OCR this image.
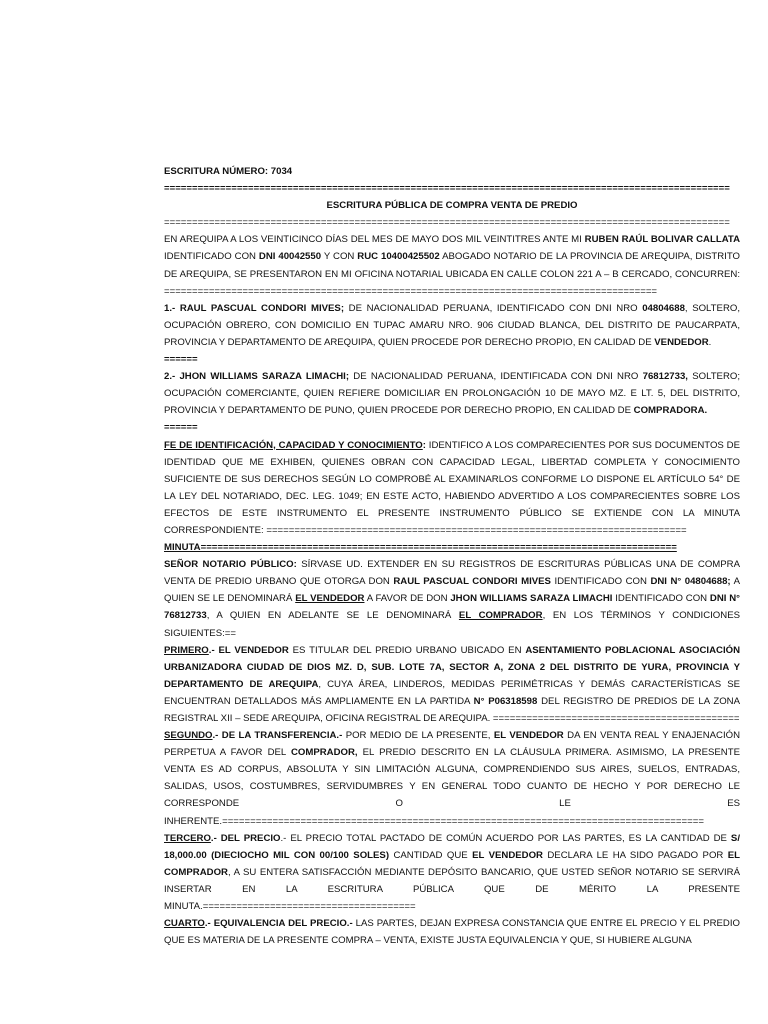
ESCRITURA NÚMERO: 7034

=====================================================================================================

ESCRITURA PÚBLICA DE COMPRA VENTA DE PREDIO

=====================================================================================================

EN AREQUIPA A LOS VEINTICINCO DÍAS DEL MES DE MAYO DOS MIL VEINTITRES ANTE MI RUBEN RAÚL BOLIVAR CALLATA IDENTIFICADO CON DNI 40042550 Y CON RUC 10400425502 ABOGADO NOTARIO DE LA PROVINCIA DE AREQUIPA, DISTRITO DE AREQUIPA, SE PRESENTARON EN MI OFICINA NOTARIAL UBICADA EN CALLE COLON 221 A – B CERCADO, CONCURREN: ========================================================================================

1.- RAUL PASCUAL CONDORI MIVES; DE NACIONALIDAD PERUANA, IDENTIFICADO CON DNI NRO 04804688, SOLTERO, OCUPACIÓN OBRERO, CON DOMICILIO EN TUPAC AMARU NRO. 906 CIUDAD BLANCA, DEL DISTRITO DE PAUCARPATA, PROVINCIA Y DEPARTAMENTO DE AREQUIPA, QUIEN PROCEDE POR DERECHO PROPIO, EN CALIDAD DE VENDEDOR.
======

2.- JHON WILLIAMS SARAZA LIMACHI; DE NACIONALIDAD PERUANA, IDENTIFICADA CON DNI NRO 76812733, SOLTERO; OCUPACIÓN COMERCIANTE, QUIEN REFIERE DOMICILIAR EN PROLONGACIÓN 10 DE MAYO MZ. E LT. 5, DEL DISTRITO, PROVINCIA Y DEPARTAMENTO DE PUNO, QUIEN PROCEDE POR DERECHO PROPIO, EN CALIDAD DE COMPRADORA.
======

FE DE IDENTIFICACIÓN, CAPACIDAD Y CONOCIMIENTO: IDENTIFICO A LOS COMPARECIENTES POR SUS DOCUMENTOS DE IDENTIDAD QUE ME EXHIBEN, QUIENES OBRAN CON CAPACIDAD LEGAL, LIBERTAD COMPLETA Y CONOCIMIENTO SUFICIENTE DE SUS DERECHOS SEGÚN LO COMPROBÉ AL EXAMINARLOS CONFORME LO DISPONE EL ARTÍCULO 54° DE LA LEY DEL NOTARIADO, DEC. LEG. 1049; EN ESTE ACTO, HABIENDO ADVERTIDO A LOS COMPARECIENTES SOBRE LOS EFECTOS DE ESTE INSTRUMENTO EL PRESENTE INSTRUMENTO PÚBLICO SE EXTIENDE CON LA MINUTA CORRESPONDIENTE: ===========================================================================

MINUTA=====================================================================================

SEÑOR NOTARIO PÚBLICO: SÍRVASE UD. EXTENDER EN SU REGISTROS DE ESCRITURAS PÚBLICAS UNA DE COMPRA VENTA DE PREDIO URBANO QUE OTORGA DON RAUL PASCUAL CONDORI MIVES IDENTIFICADO CON DNI N° 04804688; A QUIEN SE LE DENOMINARÁ EL VENDEDOR A FAVOR DE DON JHON WILLIAMS SARAZA LIMACHI IDENTIFICADO CON DNI N° 76812733, A QUIEN EN ADELANTE SE LE DENOMINARÁ EL COMPRADOR, EN LOS TÉRMINOS Y CONDICIONES SIGUIENTES:==

PRIMERO.- EL VENDEDOR ES TITULAR DEL PREDIO URBANO UBICADO EN ASENTAMIENTO POBLACIONAL ASOCIACIÓN URBANIZADORA CIUDAD DE DIOS MZ. D, SUB. LOTE 7A, SECTOR A, ZONA 2 DEL DISTRITO DE YURA, PROVINCIA Y DEPARTAMENTO DE AREQUIPA, CUYA ÁREA, LINDEROS, MEDIDAS PERIMÉTRICAS Y DEMÁS CARACTERÍSTICAS SE ENCUENTRAN DETALLADOS MÁS AMPLIAMENTE EN LA PARTIDA N° P06318598 DEL REGISTRO DE PREDIOS DE LA ZONA REGISTRAL XII – SEDE AREQUIPA, OFICINA REGISTRAL DE AREQUIPA. ============================================

SEGUNDO.- DE LA TRANSFERENCIA.- POR MEDIO DE LA PRESENTE, EL VENDEDOR DA EN VENTA REAL Y ENAJENACIÓN PERPETUA A FAVOR DEL COMPRADOR, EL PREDIO DESCRITO EN LA CLÁUSULA PRIMERA. ASIMISMO, LA PRESENTE VENTA ES AD CORPUS, ABSOLUTA Y SIN LIMITACIÓN ALGUNA, COMPRENDIENDO SUS AIRES, SUELOS, ENTRADAS, SALIDAS, USOS, COSTUMBRES, SERVIDUMBRES Y EN GENERAL TODO CUANTO DE HECHO Y POR DERECHO LE CORRESPONDE O LE ES INHERENTE.======================================================================================

TERCERO.- DEL PRECIO.- EL PRECIO TOTAL PACTADO DE COMÚN ACUERDO POR LAS PARTES, ES LA CANTIDAD DE S/ 18,000.00 (DIECIOCHO MIL CON 00/100 SOLES) CANTIDAD QUE EL VENDEDOR DECLARA LE HA SIDO PAGADO POR EL COMPRADOR, A SU ENTERA SATISFACCIÓN MEDIANTE DEPÓSITO BANCARIO, QUE USTED SEÑOR NOTARIO SE SERVIRÁ INSERTAR EN LA ESCRITURA PÚBLICA QUE DE MÉRITO LA PRESENTE MINUTA.======================================

CUARTO.- EQUIVALENCIA DEL PRECIO.- LAS PARTES, DEJAN EXPRESA CONSTANCIA QUE ENTRE EL PRECIO Y EL PREDIO QUE ES MATERIA DE LA PRESENTE COMPRA – VENTA, EXISTE JUSTA EQUIVALENCIA Y QUE, SI HUBIERE ALGUNA
